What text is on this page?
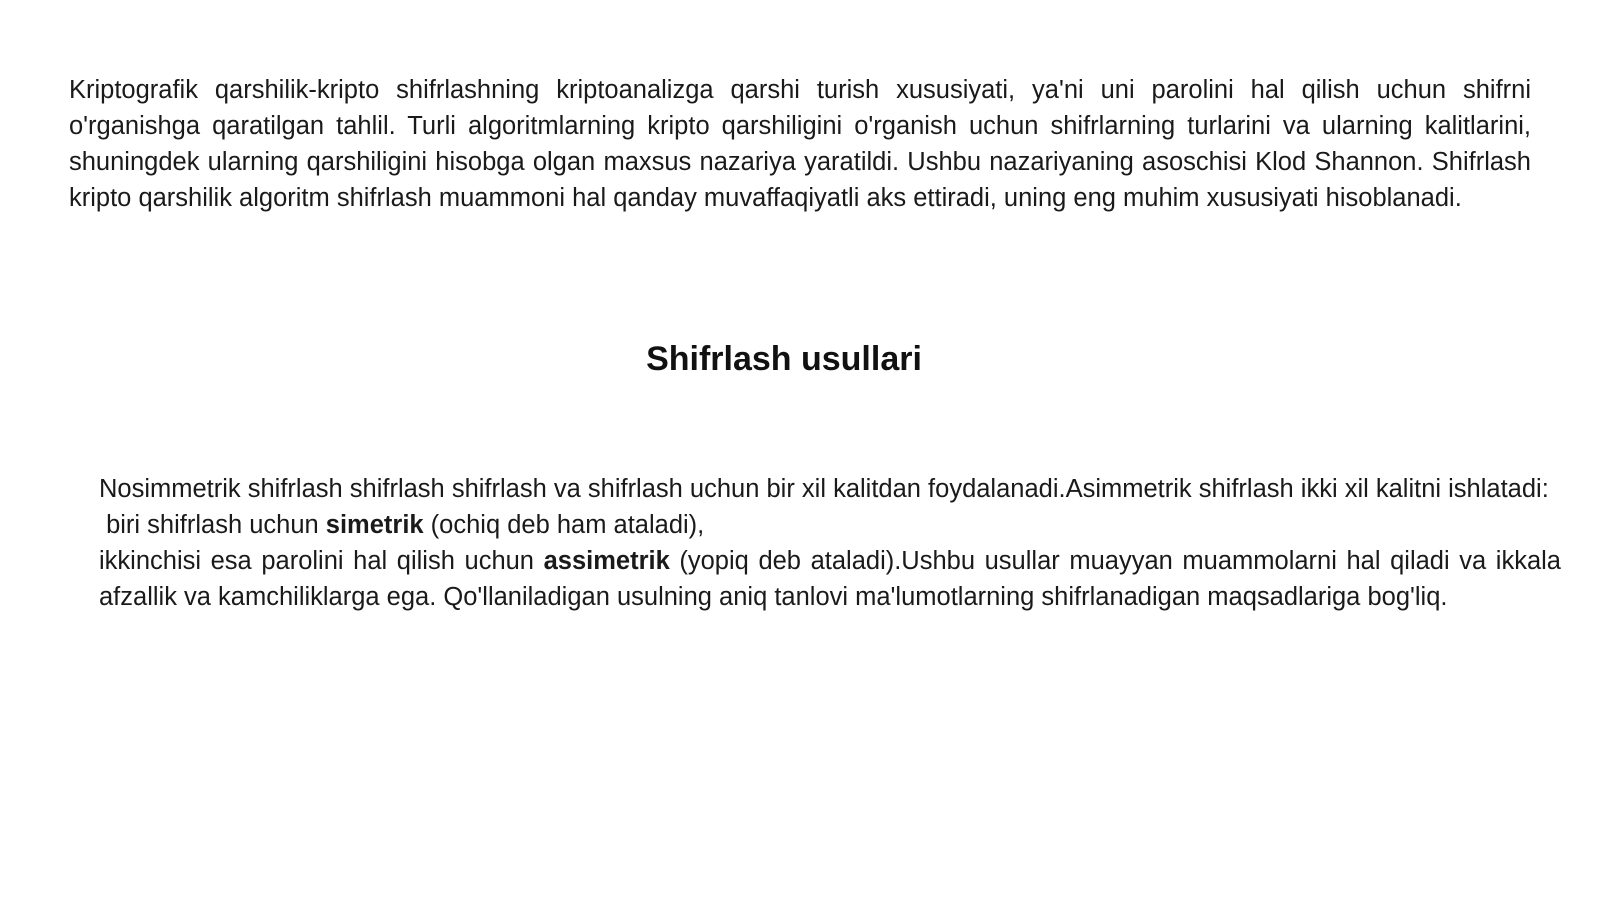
Kriptografik qarshilik-kripto shifrlashning kriptoanalizga qarshi turish xususiyati, ya'ni uni parolini hal qilish uchun shifrni o'rganishga qaratilgan tahlil. Turli algoritmlarning kripto qarshiligini o'rganish uchun shifrlarning turlarini va ularning kalitlarini, shuningdek ularning qarshiligini hisobga olgan maxsus nazariya yaratildi. Ushbu nazariyaning asoschisi Klod Shannon. Shifrlash kripto qarshilik algoritm shifrlash muammoni hal qanday muvaffaqiyatli aks ettiradi, uning eng muhim xususiyati hisoblanadi.

Shifrlash usullari
Nosimmetrik shifrlash shifrlash shifrlash va shifrlash uchun bir xil kalitdan foydalanadi.Asimmetrik shifrlash ikki xil kalitni ishlatadi:
biri shifrlash uchun simetrik (ochiq deb ham ataladi),
ikkinchisi esa parolini hal qilish uchun assimetrik (yopiq deb ataladi).Ushbu usullar muayyan muammolarni hal qiladi va ikkala afzallik va kamchiliklarga ega. Qo'llaniladigan usulning aniq tanlovi ma'lumotlarning shifrlanadigan maqsadlariga bog'liq.
